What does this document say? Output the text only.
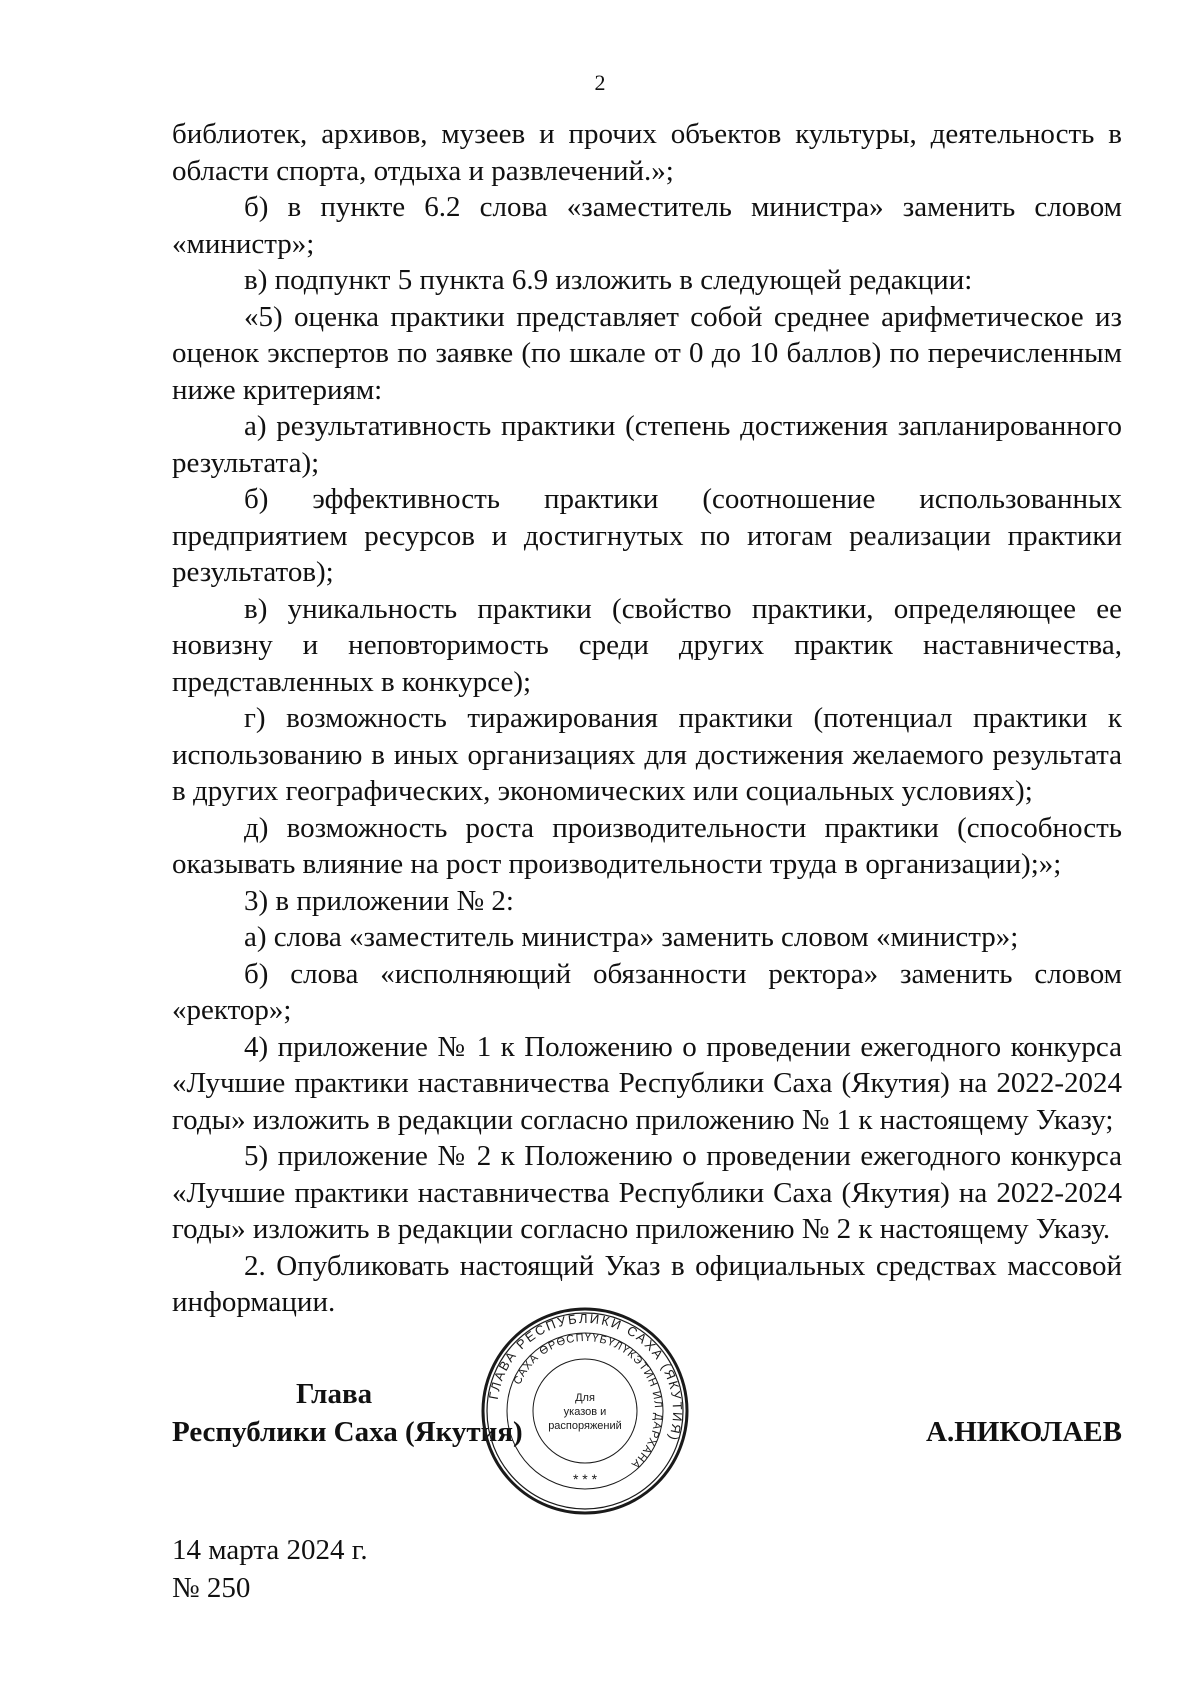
2

библиотек, архивов, музеев и прочих объектов культуры, деятельность в области спорта, отдыха и развлечений.»;

б) в пункте 6.2 слова «заместитель министра» заменить словом «министр»;

в) подпункт 5 пункта 6.9 изложить в следующей редакции:

«5) оценка практики представляет собой среднее арифметическое из оценок экспертов по заявке (по шкале от 0 до 10 баллов) по перечисленным ниже критериям:

а) результативность практики (степень достижения запланированного результата);

б) эффективность практики (соотношение использованных предприятием ресурсов и достигнутых по итогам реализации практики результатов);

в) уникальность практики (свойство практики, определяющее ее новизну и неповторимость среди других практик наставничества, представленных в конкурсе);

г) возможность тиражирования практики (потенциал практики к использованию в иных организациях для достижения желаемого результата в других географических, экономических или социальных условиях);

д) возможность роста производительности практики (способность оказывать влияние на рост производительности труда в организации);»;

3) в приложении № 2:

а) слова «заместитель министра» заменить словом «министр»;

б) слова «исполняющий обязанности ректора» заменить словом «ректор»;

4) приложение № 1 к Положению о проведении ежегодного конкурса «Лучшие практики наставничества Республики Саха (Якутия) на 2022-2024 годы» изложить в редакции согласно приложению № 1 к настоящему Указу;

5) приложение № 2 к Положению о проведении ежегодного конкурса «Лучшие практики наставничества Республики Саха (Якутия) на 2022-2024 годы» изложить в редакции согласно приложению № 2 к настоящему Указу.

2. Опубликовать настоящий Указ в официальных средствах массовой информации.

Глава
Республики Саха (Якутия)	А.НИКОЛАЕВ
ГЛАВА РЕСПУБЛИКИ САХА (ЯКУТИЯ)
САХА ӨРӨСПҮҮБҮЛҮКЭТИН ИЛ ДАРХАНА
Для
указов и
распоряжений
* * *
14 марта 2024 г.
№ 250
